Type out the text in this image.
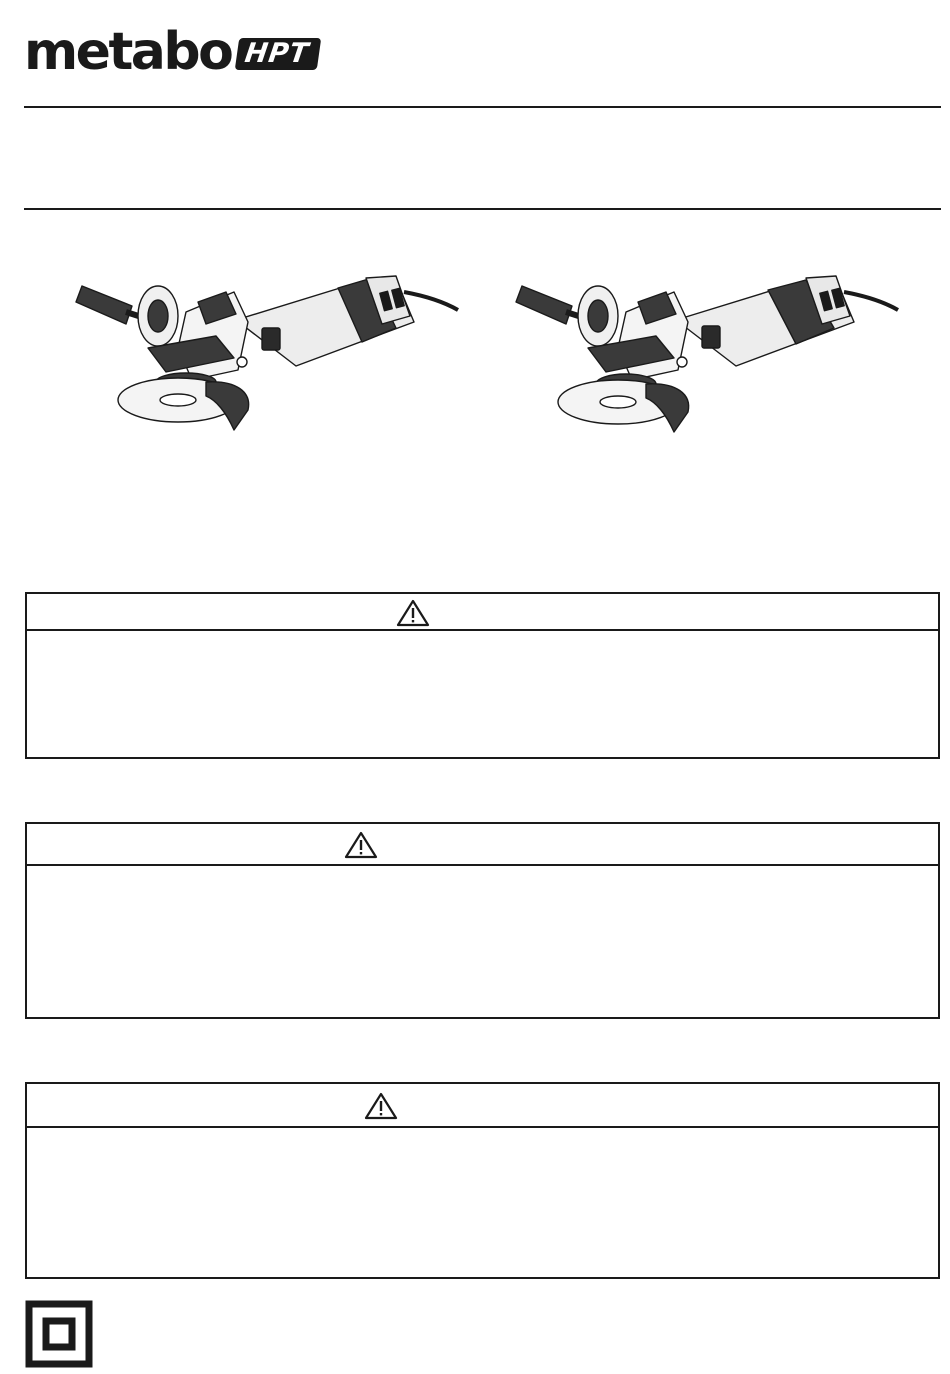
metabo HPT
